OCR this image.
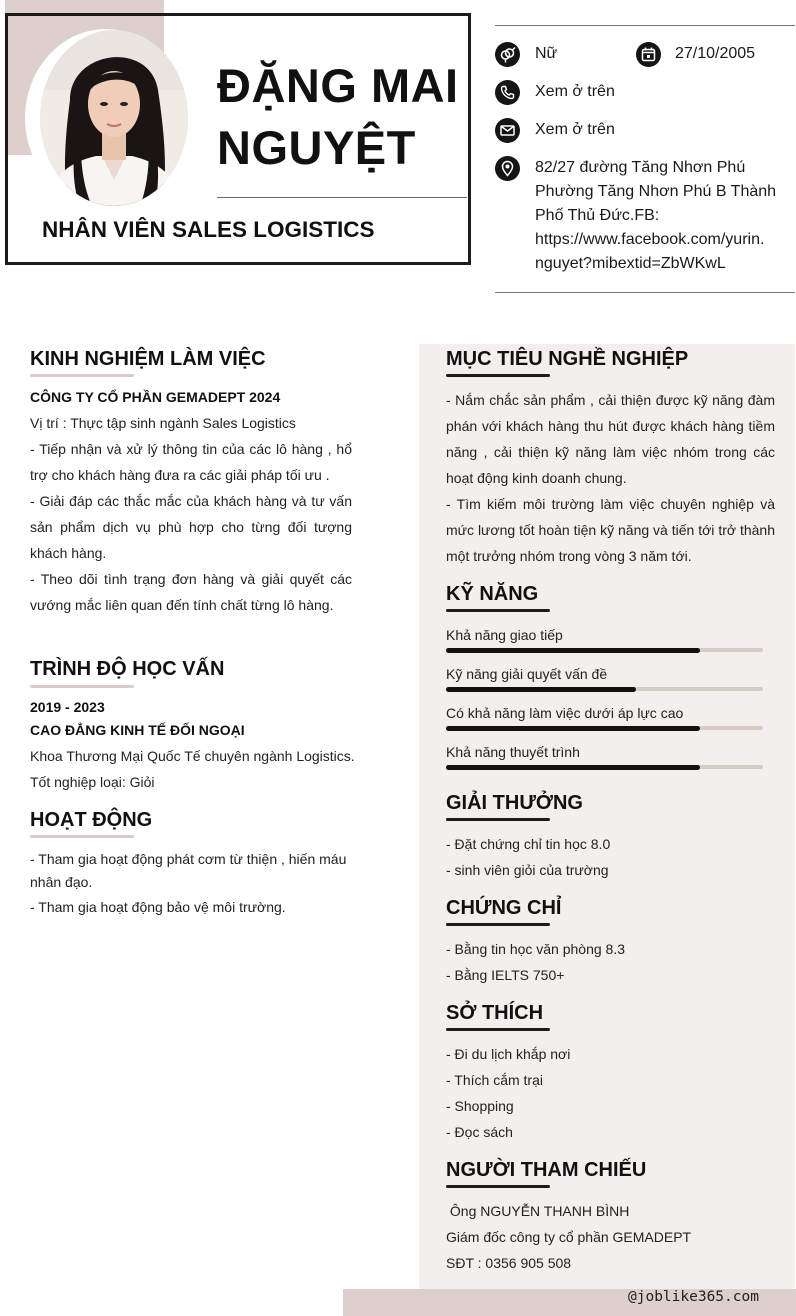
ĐẶNG MAI
NGUYỆT
NHÂN VIÊN SALES LOGISTICS
Nữ	27/10/2005
Xem ở trên
Xem ở trên
82/27 đường Tăng Nhơn Phú
Phường Tăng Nhơn Phú B Thành
Phố Thủ Đức.FB:
https://www.facebook.com/yurin.
nguyet?mibextid=ZbWKwL
KINH NGHIỆM LÀM VIỆC
CÔNG TY CỔ PHẦN GEMADEPT 2024
Vị trí : Thực tập sinh ngành Sales Logistics
- Tiếp nhận và xử lý thông tin của các lô hàng , hổ trợ cho khách hàng đưa ra các giải pháp tối ưu .
- Giải đáp các thắc mắc của khách hàng và tư vấn sản phẩm dịch vụ phù hợp cho từng đối tượng khách hàng.
- Theo dõi tình trạng đơn hàng và giải quyết các vướng mắc liên quan đến tính chất từng lô hàng.
TRÌNH ĐỘ HỌC VẤN
2019 - 2023
CAO ĐẲNG KINH TẾ ĐỐI NGOẠI
Khoa Thương Mại Quốc Tế chuyên ngành Logistics.
Tốt nghiệp loại: Giỏi
HOẠT ĐỘNG
- Tham gia hoạt động phát cơm từ thiện , hiến máu nhân đạo.
- Tham gia hoạt động bảo vệ môi trường.
MỤC TIÊU NGHỀ NGHIỆP
- Nắm chắc sản phẩm , cải thiện được kỹ năng đàm phán với khách hàng thu hút được khách hàng tiềm năng , cải thiện kỹ năng làm việc nhóm trong các hoạt động kinh doanh chung.
- Tìm kiếm môi trường làm việc chuyên nghiệp và mức lương tốt hoàn tiện kỹ năng và tiến tới trở thành một trưởng nhóm trong vòng 3 năm tới.
KỸ NĂNG
Khả năng giao tiếp
Kỹ năng giải quyết vấn đề
Có khả năng làm việc dưới áp lực cao
Khả năng thuyết trình
GIẢI THƯỞNG
- Đặt chứng chỉ tin học 8.0
- sinh viên giỏi của trường
CHỨNG CHỈ
- Bằng tin học văn phòng 8.3
- Bằng IELTS 750+
SỞ THÍCH
- Đi du lịch khắp nơi
- Thích cắm trại
- Shopping
- Đọc sách
NGƯỜI THAM CHIẾU
Ông NGUYỄN THANH BÌNH
Giám đốc công ty cổ phần GEMADEPT
SĐT : 0356 905 508
@joblike365.com
